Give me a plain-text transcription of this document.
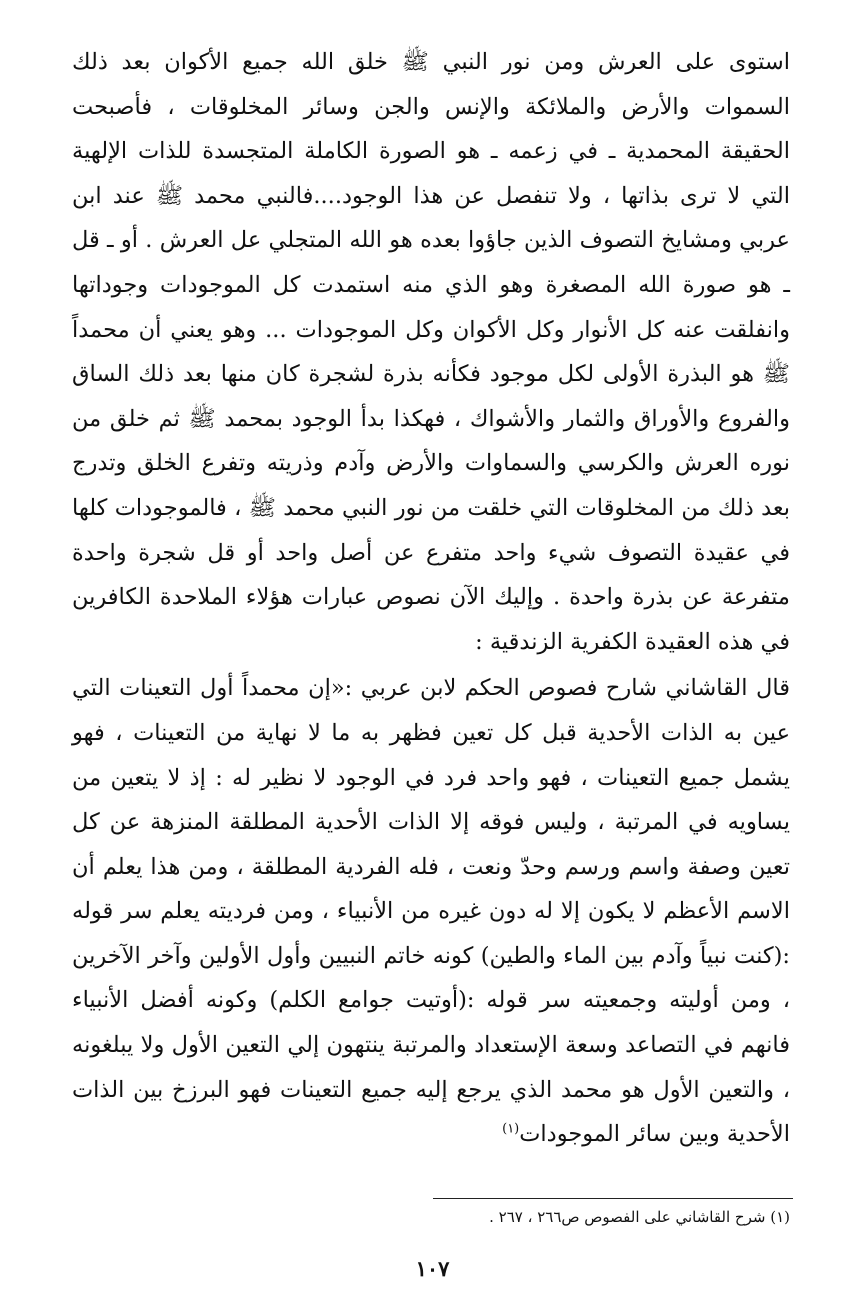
استوى على العرش ومن نور النبي ﷺ خلق الله جميع الأكوان بعد ذلك السموات والأرض والملائكة والإنس والجن وسائر المخلوقات ، فأصبحت الحقيقة المحمدية ـ في زعمه ـ هو الصورة الكاملة المتجسدة للذات الإلهية التي لا ترى بذاتها ، ولا تنفصل عن هذا الوجود....فالنبي محمد ﷺ عند ابن عربي ومشايخ التصوف الذين جاؤوا بعده هو الله المتجلي عل العرش . أو ـ قل ـ هو صورة الله المصغرة وهو الذي منه استمدت كل الموجودات وجوداتها وانفلقت عنه كل الأنوار وكل الأكوان وكل الموجودات ... وهو يعني أن محمداً ﷺ هو البذرة الأولى لكل موجود فكأنه بذرة لشجرة كان منها بعد ذلك الساق والفروع والأوراق والثمار والأشواك ، فهكذا بدأ الوجود بمحمد ﷺ ثم خلق من نوره العرش والكرسي والسماوات والأرض وآدم وذريته وتفرع الخلق وتدرج بعد ذلك من المخلوقات التي خلقت من نور النبي محمد ﷺ ، فالموجودات كلها في عقيدة التصوف شيء واحد متفرع عن أصل واحد أو قل شجرة واحدة متفرعة عن بذرة واحدة . وإليك الآن نصوص عبارات هؤلاء الملاحدة الكافرين في هذه العقيدة الكفرية الزندقية :

قال القاشاني شارح فصوص الحكم لابن عربي :«إن محمداً أول التعينات التي عين به الذات الأحدية قبل كل تعين فظهر به ما لا نهاية من التعينات ، فهو يشمل جميع التعينات ، فهو واحد فرد في الوجود لا نظير له : إذ لا يتعين من يساويه في المرتبة ، وليس فوقه إلا الذات الأحدية المطلقة المنزهة عن كل تعين وصفة واسم ورسم وحدّ ونعت ، فله الفردية المطلقة ، ومن هذا يعلم أن الاسم الأعظم لا يكون إلا له دون غيره من الأنبياء ، ومن فرديته يعلم سر قوله :(كنت نبياً وآدم بين الماء والطين) كونه خاتم النبيين وأول الأولين وآخر الآخرين ، ومن أوليته وجمعيته سر قوله :(أوتيت جوامع الكلم) وكونه أفضل الأنبياء فانهم في التصاعد وسعة الإستعداد والمرتبة ينتهون إلي التعين الأول ولا يبلغونه ، والتعين الأول هو محمد الذي يرجع إليه جميع التعينات فهو البرزخ بين الذات الأحدية وبين سائر الموجودات$^{(١)}$

(١) شرح القاشاني على الفصوص ص٢٦٦ ، ٢٦٧ .
١٠٧
